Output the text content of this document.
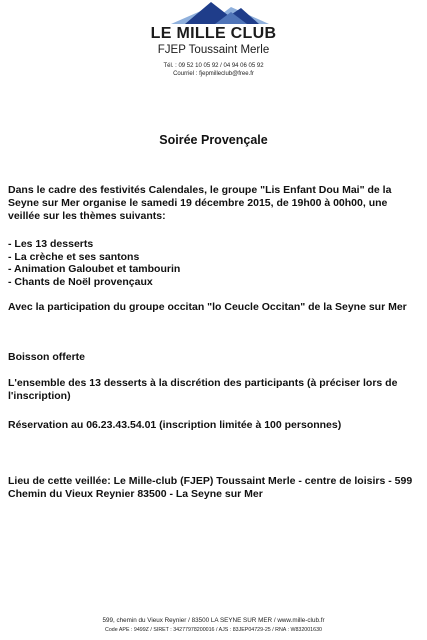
LE MILLE CLUB
FJEP Toussaint Merle
Tél. : 09 52 10 05 92 / 04 94 06 05 92
Courriel : fjepmilleclub@free.fr
Soirée Provençale

Dans le cadre des festivités Calendales, le groupe "Lis Enfant Dou Mai" de la Seyne sur Mer organise le samedi 19 décembre 2015, de 19h00 à 00h00, une veillée sur les thèmes suivants:

- Les 13 desserts
- La crèche et ses santons
- Animation Galoubet et tambourin
- Chants de Noël provençaux

Avec la participation du groupe occitan "lo Ceucle Occitan" de la Seyne sur Mer

Boisson offerte

L'ensemble des 13 desserts à la discrétion des participants (à préciser lors de l'inscription)

Réservation au 06.23.43.54.01 (inscription limitée à 100 personnes)

Lieu de cette veillée: Le Mille-club (FJEP) Toussaint Merle - centre de loisirs - 599 Chemin du Vieux Reynier 83500 - La Seyne sur Mer

599, chemin du Vieux Reynier / 83500 LA SEYNE SUR MER / www.mille-club.fr
Code APE : 9499Z / SIRET : 34277978200016 / AJS : 83JEP04729-25 / RNA : W832001630
